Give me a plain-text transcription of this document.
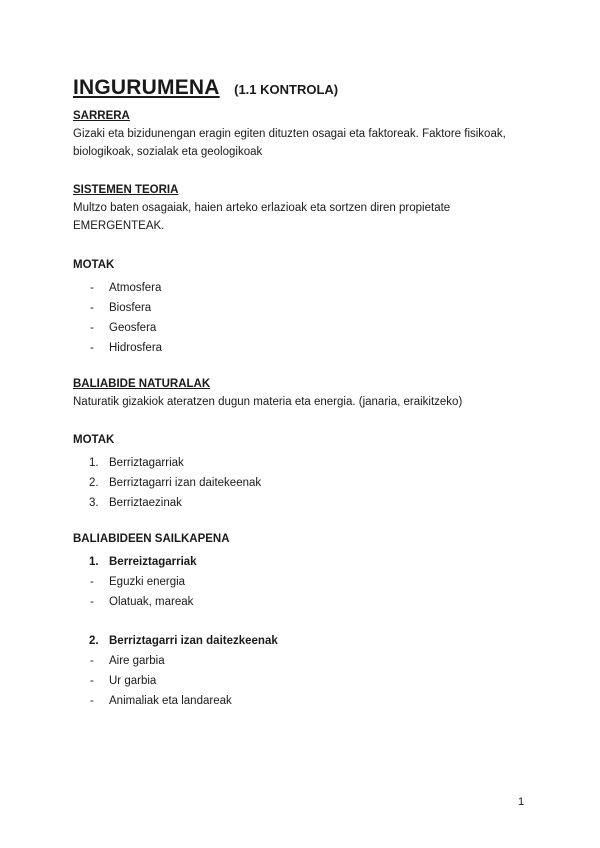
INGURUMENA (1.1 KONTROLA)
SARRERA
Gizaki eta bizidunengan eragin egiten dituzten osagai eta faktoreak. Faktore fisikoak, biologikoak, sozialak eta geologikoak
SISTEMEN TEORIA
Multzo baten osagaiak, haien arteko erlazioak eta sortzen diren propietate EMERGENTEAK.
MOTAK
- Atmosfera
- Biosfera
- Geosfera
- Hidrosfera
BALIABIDE NATURALAK
Naturatik gizakiok ateratzen dugun materia eta energia. (janaria, eraikitzeko)
MOTAK
1. Berriztagarriak
2. Berriztagarri izan daitekeenak
3. Berriztaezinak
BALIABIDEEN SAILKAPENA
1. Berreiztagarriak
- Eguzki energia
- Olatuak, mareak
2. Berriztagarri izan daitezkeenak
- Aire garbia
- Ur garbia
- Animaliak eta landareak
1
